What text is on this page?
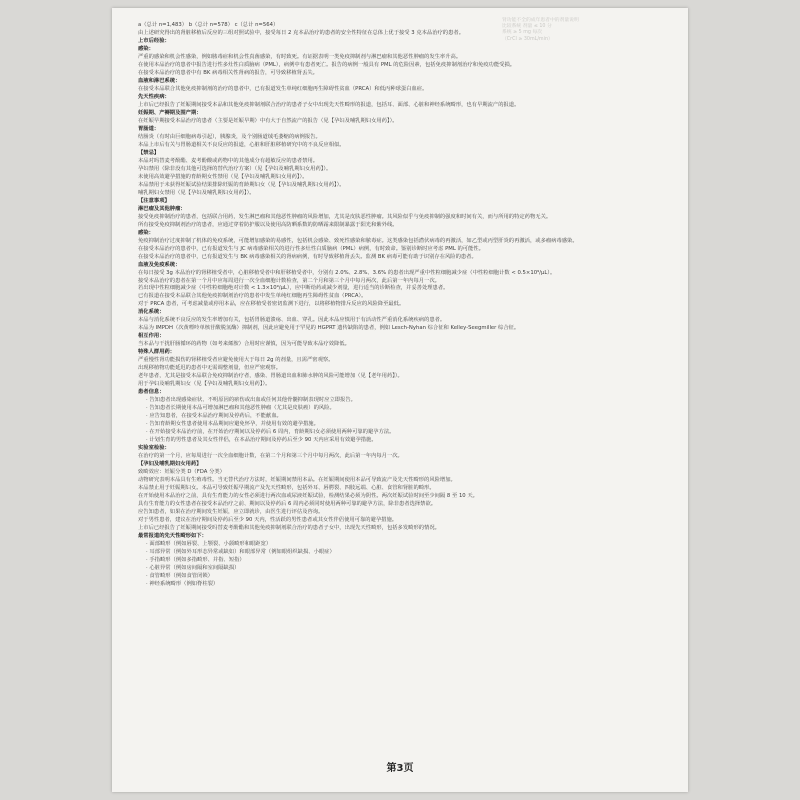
肾功能不全的成年患者中的剂量说明
比较系统 剂量 ≤ 10 分
系统 ≥ 5 mg 每次
（CrCl ≥ 30mL/min）

a（总计 n=1,483） b（总计 n=578） c（总计 n=564）

由上述研究得出的肾脏移植后反应的三组对照试验中，接受每日 2 克本品治疗的患者的安全性特征在总体上优于接受 3 克本品治疗的患者。

上市后经验：

感染：

严重的感染和机会性感染，例如脓毒症和机会性真菌感染，有时致死。有证据表明一类免疫抑制剂与淋巴瘤和其他恶性肿瘤的发生率升高。

在使用本品治疗的患者中报告进行性多灶性白质脑病（PML），病例中有患者死亡。报告的病例一般具有 PML 的危险因素，包括免疫抑制剂治疗和免疫功能受损。

在接受本品治疗的患者中有 BK 病毒相关性肾病的报告，可导致移植肾丢失。

血液和淋巴系统：

在接受本品联合其他免疫抑制剂的治疗的患者中，已有报道发生单纯红细胞再生障碍性贫血（PRCA）和低丙种球蛋白血症。

先天性疾病：

上市后已经报告了妊娠期间接受本品和其他免疫抑制剂联合治疗的患者子女中出现先天性畸形的报道，包括耳、面部、心脏和神经系统畸形，也有早期流产的报道。

妊娠期、产褥期及围产期：

在妊娠早期接受本品治疗的患者（主要是妊娠早期）中有大于自然流产的报告（见【孕妇及哺乳期妇女用药】）。

胃肠道：

结肠炎（有时由巨细胞病毒引起），胰腺炎，及个别肠道绒毛萎缩的病例报告。

本品上市后有关与胃肠道相关不良反应的报道，心脏和肝脏移植研究中的不良反应相似。

【禁忌】

本品对吗替麦考酚酯、麦考酚酸或药物中的其他成分有超敏反应的患者禁用。

孕妇禁用（除非没有其他可选择的替代治疗方案）（见【孕妇及哺乳期妇女用药】）。

未使用高效避孕措施的育龄期女性禁用（见【孕妇及哺乳期妇女用药】）。

本品禁用于未获得妊娠试验结果排除妊娠的育龄期妇女（见【孕妇及哺乳期妇女用药】）。

哺乳期妇女禁用（见【孕妇及哺乳期妇女用药】）。

【注意事项】

淋巴瘤及其他肿瘤：

接受免疫抑制治疗的患者，包括联合用药，发生淋巴瘤和其他恶性肿瘤的风险增加，尤其是皮肤恶性肿瘤。其风险似乎与免疫抑制的强度和时间有关，而与所用的特定药物无关。

所有接受免疫抑制剂治疗的患者，应通过穿着防护服以及使用高防晒系数的防晒霜来限制暴露于阳光和紫外线。

感染：

免疫抑制治疗过度抑制了机体的免疫系统，可能增加感染的易感性，包括机会感染、致死性感染和脓毒症。这类感染包括潜伏病毒的再激活，如乙型或丙型肝炎的再激活，或多瘤病毒感染。

在接受本品治疗的患者中，已有报道发生与 JC 病毒感染相关的进行性多灶性白质脑病（PML）病例，有时致命。鉴别诊断时应考虑 PML 的可能性。

在接受本品治疗的患者中，已有报道发生与 BK 病毒感染相关的肾病病例，有时导致移植肾丢失。监测 BK 病毒可能有助于识别存在风险的患者。

血液及免疫系统：

在每日接受 3g 本品治疗的肾移植受者中，心脏移植受者中和肝移植受者中，分别有 2.0%、2.8%、3.6% 的患者出现严重中性粒细胞减少症（中性粒细胞计数 < 0.5×10⁹/μL）。

接受本品治疗的患者在第一个月中应每周进行一次全血细胞计数检查，第二个月和第三个月中每月两次，此后第一年内每月一次。

若出现中性粒细胞减少症（中性粒细胞绝对计数 < 1.3×10⁹/μL），应中断给药或减少剂量，进行适当的诊断检查，并妥善处理患者。

已有报道在接受本品联合其他免疫抑制剂治疗的患者中发生单纯红细胞再生障碍性贫血（PRCA）。

对于 PRCA 患者，可考虑减量或停用本品，应在移植受者密切监测下进行，以将移植物排斥反应的风险降至最低。

消化系统：

本品与消化系统不良反应的发生率增加有关，包括胃肠道溃疡、出血、穿孔。因此本品应慎用于有活动性严重消化系统疾病的患者。

本品为 IMPDH（次黄嘌呤单核苷酸脱氢酶）抑制剂，因此应避免用于罕见的 HGPRT 遗传缺陷的患者，例如 Lesch-Nyhan 综合征和 Kelley-Seegmiller 综合征。

相互作用：

当本品与干扰肝肠循环的药物（如考来烯胺）合用时应谨慎，因为可能导致本品疗效降低。

特殊人群用药：

严重慢性肾功能损伤的肾移植受者应避免使用大于每日 2g 的剂量，且需严密观察。

出现移植物功能延迟的患者中无需调整剂量，但应严密观察。

老年患者，尤其是接受本品联合免疫抑制治疗者，感染、胃肠道出血和肺水肿的风险可能增加（见【老年用药】）。

用于孕妇及哺乳期妇女（见【孕妇及哺乳期妇女用药】）。

患者信息：

· 告知患者出现感染症状、不明原因的瘀伤或出血或任何其他骨髓抑制表现时应立即报告。

· 告知患者长期使用本品可增加淋巴瘤和其他恶性肿瘤（尤其是皮肤癌）的风险。

· 应告知患者，在接受本品治疗期间及停药后，不能献血。

· 告知育龄期女性患者使用本品期间应避免怀孕，并使用有效的避孕措施。

· 在开始接受本品治疗前，在开始治疗期间以及停药后 6 周内，育龄期妇女必须使用两种可靠的避孕方法。

· 计划生育的男性患者及其女性伴侣，在本品治疗期间及停药后至少 90 天内应采用有效避孕措施。

实验室检验：

在治疗的第一个月，应每周进行一次全血细胞计数，在第二个月和第三个月中每月两次，此后第一年内每月一次。

【孕妇及哺乳期妇女用药】

致畸效应：妊娠分类 D（FDA 分类）

动物研究表明本品具有生殖毒性。当无替代治疗方法时，妊娠期间禁用本品。在妊娠期间使用本品可导致流产及先天性畸形的风险增加。

本品禁止用于妊娠期妇女。本品可导致妊娠早期流产及先天性畸形，包括外耳、唇腭裂、四肢远端、心脏、食管和肾脏的畸形。

在开始使用本品治疗之前，具有生育能力的女性必须进行两次血或尿液妊娠试验，检测结果必须为阴性。两次妊娠试验时间至少间隔 8 至 10 天。

具有生育能力的女性患者在接受本品治疗之前、期间以及停药后 6 周内必须同时使用两种可靠的避孕方法，除非患者选择禁欲。

应告知患者，如果在治疗期间发生妊娠，应立即就诊，由医生进行评估及咨询。

对于男性患者，建议在治疗期间及停药后至少 90 天内，性活跃的男性患者或其女性伴侣使用可靠的避孕措施。

上市后已经报告了妊娠期间接受吗替麦考酚酯和其他免疫抑制剂联合治疗的患者子女中，出现先天性畸形，包括多发畸形的情况。

最常报道的先天性畸形如下：

· 面部畸形（例如唇裂、上颚裂、小颌畸形和眼距宽）

· 耳部异常（例如外耳形态异常或缺如）和眼部异常（例如眼组织缺损、小眼症）

· 手指畸形（例如多指畸形、并指、短指）

· 心脏异常（例如房间隔和室间隔缺损）

· 食管畸形（例如食管闭锁）

· 神经系统畸形（例如脊柱裂）

第3页
